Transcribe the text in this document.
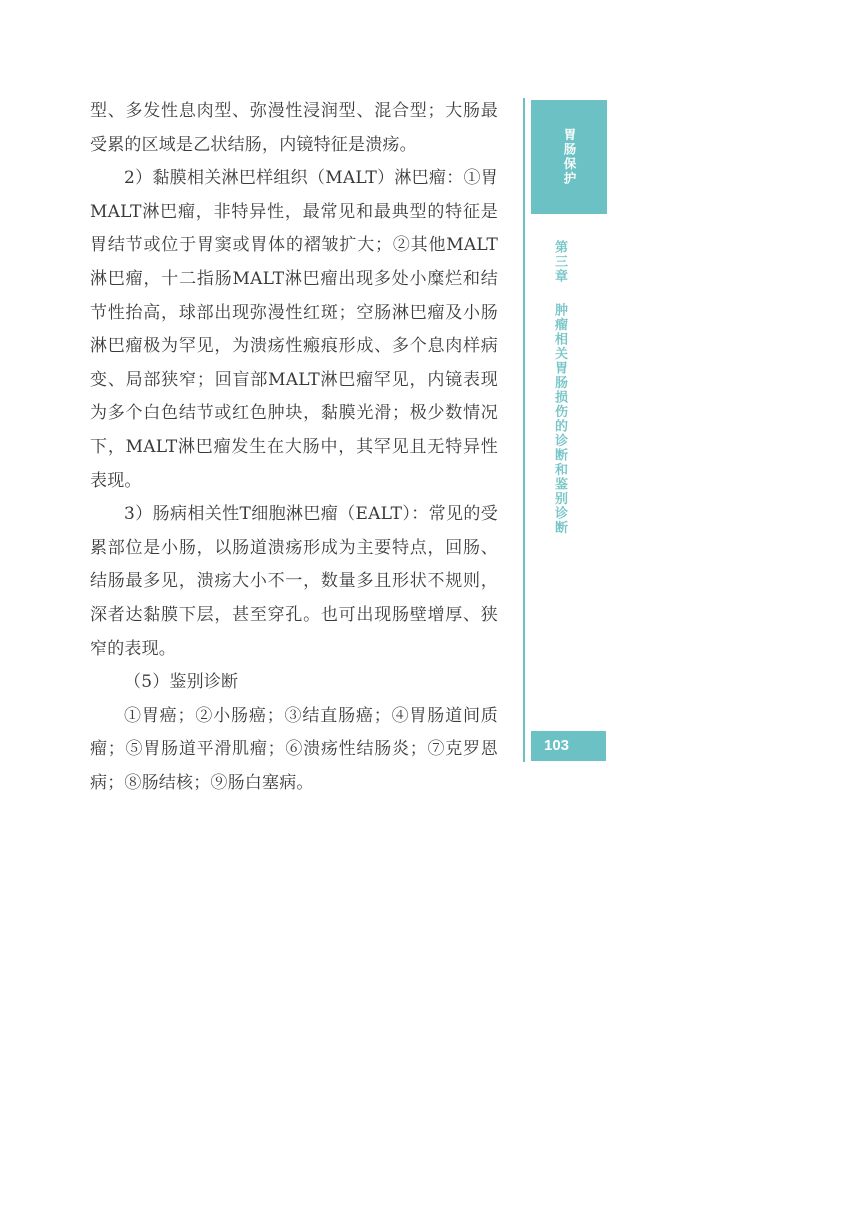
型、多发性息肉型、弥漫性浸润型、混合型；大肠最受累的区域是乙状结肠，内镜特征是溃疡。

2）黏膜相关淋巴样组织（MALT）淋巴瘤：①胃MALT淋巴瘤，非特异性，最常见和最典型的特征是胃结节或位于胃窦或胃体的褶皱扩大；②其他MALT淋巴瘤，十二指肠MALT淋巴瘤出现多处小糜烂和结节性抬高，球部出现弥漫性红斑；空肠淋巴瘤及小肠淋巴瘤极为罕见，为溃疡性瘢痕形成、多个息肉样病变、局部狭窄；回盲部MALT淋巴瘤罕见，内镜表现为多个白色结节或红色肿块，黏膜光滑；极少数情况下，MALT淋巴瘤发生在大肠中，其罕见且无特异性表现。

3）肠病相关性T细胞淋巴瘤（EALT）：常见的受累部位是小肠，以肠道溃疡形成为主要特点，回肠、结肠最多见，溃疡大小不一，数量多且形状不规则，深者达黏膜下层，甚至穿孔。也可出现肠壁增厚、狭窄的表现。

（5）鉴别诊断

①胃癌；②小肠癌；③结直肠癌；④胃肠道间质瘤；⑤胃肠道平滑肌瘤；⑥溃疡性结肠炎；⑦克罗恩病；⑧肠结核；⑨肠白塞病。

胃肠保护
第三章肿瘤相关胃肠损伤的诊断和鉴别诊断
103
